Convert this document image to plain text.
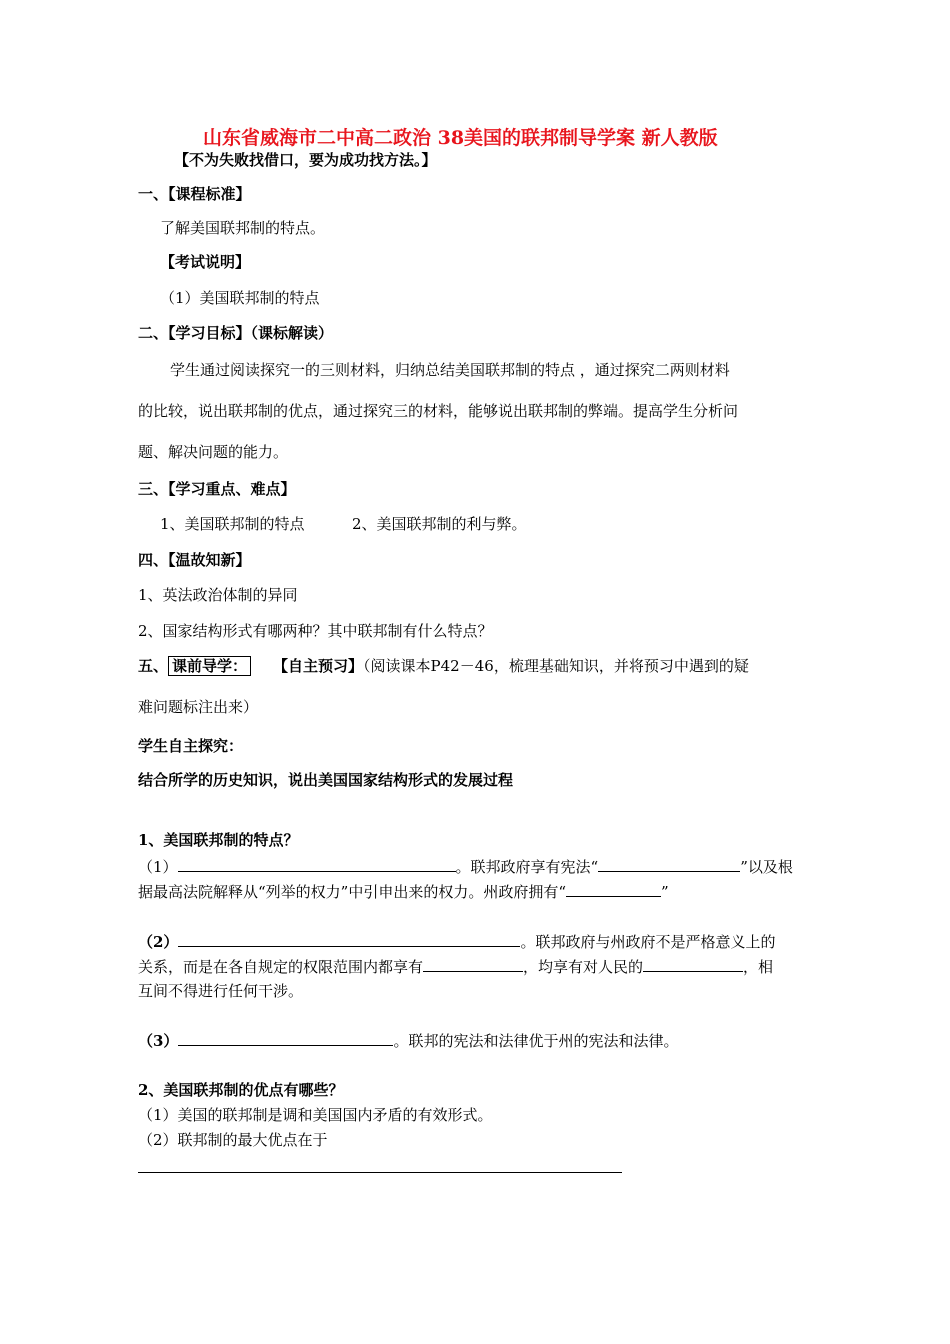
山东省威海市二中高二政治 38美国的联邦制导学案 新人教版
【不为失败找借口，要为成功找方法。】
一、【课程标准】
了解美国联邦制的特点。
【考试说明】
（1）美国联邦制的特点
二、【学习目标】（课标解读）
学生通过阅读探究一的三则材料，归纳总结美国联邦制的特点 ，通过探究二两则材料
的比较，说出联邦制的优点，通过探究三的材料，能够说出联邦制的弊端。提高学生分析问
题、解决问题的能力。
三、【学习重点、难点】
1、美国联邦制的特点	2、美国联邦制的利与弊。
四、【温故知新】
1、英法政治体制的异同
2、国家结构形式有哪两种？其中联邦制有什么特点？
五、 课前导学： 【自主预习】（阅读课本P42－46，梳理基础知识，并将预习中遇到的疑
难问题标注出来）
学生自主探究：
结合所学的历史知识，说出美国国家结构形式的发展过程
1、美国联邦制的特点？
（1）	。联邦政府享有宪法“	”以及根
据最高法院解释从“列举的权力”中引申出来的权力。州政府拥有“	”
（2）	。联邦政府与州政府不是严格意义上的
关系，而是在各自规定的权限范围内都享有	，均享有对人民的	，相
互间不得进行任何干涉。
（3）	。联邦的宪法和法律优于州的宪法和法律。
2、美国联邦制的优点有哪些？
（1）美国的联邦制是调和美国国内矛盾的有效形式。
（2）联邦制的最大优点在于
